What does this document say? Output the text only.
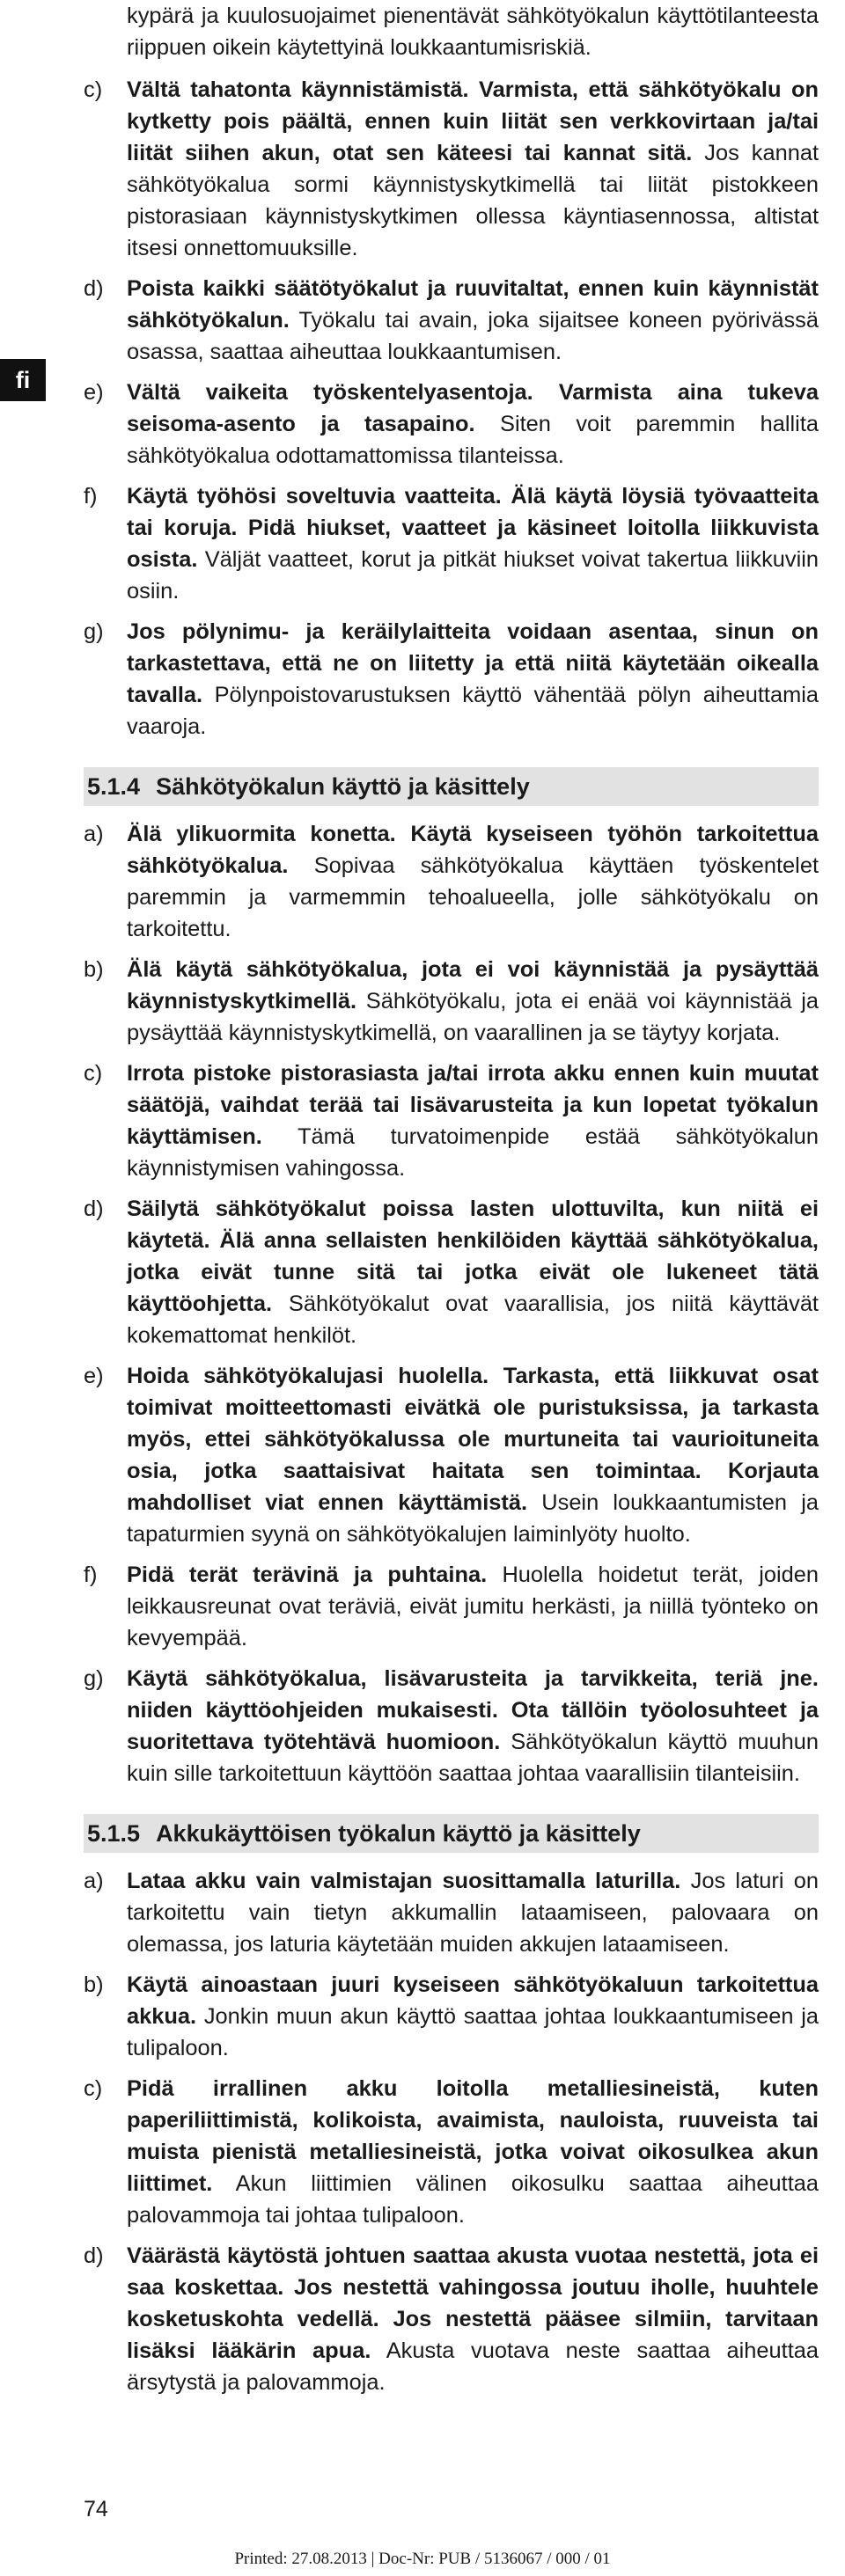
fi

kypärä ja kuulosuojaimet pienentävät sähkötyökalun käyttötilanteesta riippuen oikein käytettyinä loukkaantumisriskiä.

c) Vältä tahatonta käynnistämistä. Varmista, että sähkötyökalu on kytketty pois päältä, ennen kuin liität sen verkkovirtaan ja/tai liität siihen akun, otat sen käteesi tai kannat sitä. Jos kannat sähkötyökalua sormi käynnistyskytkimellä tai liität pistokkeen pistorasiaan käynnistyskytkimen ollessa käyntiasennossa, altistat itsesi onnettomuuksille.
d) Poista kaikki säätötyökalut ja ruuvitaltat, ennen kuin käynnistät sähkötyökalun. Työkalu tai avain, joka sijaitsee koneen pyörivässä osassa, saattaa aiheuttaa loukkaantumisen.
e) Vältä vaikeita työskentelyasentoja. Varmista aina tukeva seisoma-asento ja tasapaino. Siten voit paremmin hallita sähkötyökalua odottamattomissa tilanteissa.
f) Käytä työhösi soveltuvia vaatteita. Älä käytä löysiä työvaatteita tai koruja. Pidä hiukset, vaatteet ja käsineet loitolla liikkuvista osista. Väljät vaatteet, korut ja pitkät hiukset voivat takertua liikkuviin osiin.
g) Jos pölynimu- ja keräilylaitteita voidaan asentaa, sinun on tarkastettava, että ne on liitetty ja että niitä käytetään oikealla tavalla. Pölynpoistovarustuksen käyttö vähentää pölyn aiheuttamia vaaroja.
5.1.4 Sähkötyökalun käyttö ja käsittely
a) Älä ylikuormita konetta. Käytä kyseiseen työhön tarkoitettua sähkötyökalua. Sopivaa sähkötyökalua käyttäen työskentelet paremmin ja varmemmin tehoalueella, jolle sähkötyökalu on tarkoitettu.
b) Älä käytä sähkötyökalua, jota ei voi käynnistää ja pysäyttää käynnistyskytkimellä. Sähkötyökalu, jota ei enää voi käynnistää ja pysäyttää käynnistyskytkimellä, on vaarallinen ja se täytyy korjata.
c) Irrota pistoke pistorasiasta ja/tai irrota akku ennen kuin muutat säätöjä, vaihdat terää tai lisävarusteita ja kun lopetat työkalun käyttämisen. Tämä turvatoimenpide estää sähkötyökalun käynnistymisen vahingossa.
d) Säilytä sähkötyökalut poissa lasten ulottuvilta, kun niitä ei käytetä. Älä anna sellaisten henkilöiden käyttää sähkötyökalua, jotka eivät tunne sitä tai jotka eivät ole lukeneet tätä käyttöohjetta. Sähkötyökalut ovat vaarallisia, jos niitä käyttävät kokemattomat henkilöt.
e) Hoida sähkötyökalujasi huolella. Tarkasta, että liikkuvat osat toimivat moitteettomasti eivätkä ole puristuksissa, ja tarkasta myös, ettei sähkötyökalussa ole murtuneita tai vaurioituneita osia, jotka saattaisivat haitata sen toimintaa. Korjauta mahdolliset viat ennen käyttämistä. Usein loukkaantumisten ja tapaturmien syynä on sähkötyökalujen laiminlyöty huolto.
f) Pidä terät terävinä ja puhtaina. Huolella hoidetut terät, joiden leikkausreunat ovat teräviä, eivät jumitu herkästi, ja niillä työnteko on kevyempää.
g) Käytä sähkötyökalua, lisävarusteita ja tarvikkeita, teriä jne. niiden käyttöohjeiden mukaisesti. Ota tällöin työolosuhteet ja suoritettava työtehtävä huomioon. Sähkötyökalun käyttö muuhun kuin sille tarkoitettuun käyttöön saattaa johtaa vaarallisiin tilanteisiin.
5.1.5 Akkukäyttöisen työkalun käyttö ja käsittely
a) Lataa akku vain valmistajan suosittamalla laturilla. Jos laturi on tarkoitettu vain tietyn akkumallin lataamiseen, palovaara on olemassa, jos laturia käytetään muiden akkujen lataamiseen.
b) Käytä ainoastaan juuri kyseiseen sähkötyökaluun tarkoitettua akkua. Jonkin muun akun käyttö saattaa johtaa loukkaantumiseen ja tulipaloon.
c) Pidä irrallinen akku loitolla metalliesineistä, kuten paperiliittimistä, kolikoista, avaimista, nauloista, ruuveista tai muista pienistä metalliesineistä, jotka voivat oikosulkea akun liittimet. Akun liittimien välinen oikosulku saattaa aiheuttaa palovammoja tai johtaa tulipaloon.
d) Väärästä käytöstä johtuen saattaa akusta vuotaa nestettä, jota ei saa koskettaa. Jos nestettä vahingossa joutuu iholle, huuhtele kosketuskohta vedellä. Jos nestettä pääsee silmiin, tarvitaan lisäksi lääkärin apua. Akusta vuotava neste saattaa aiheuttaa ärsytystä ja palovammoja.
74
Printed: 27.08.2013 | Doc-Nr: PUB / 5136067 / 000 / 01
